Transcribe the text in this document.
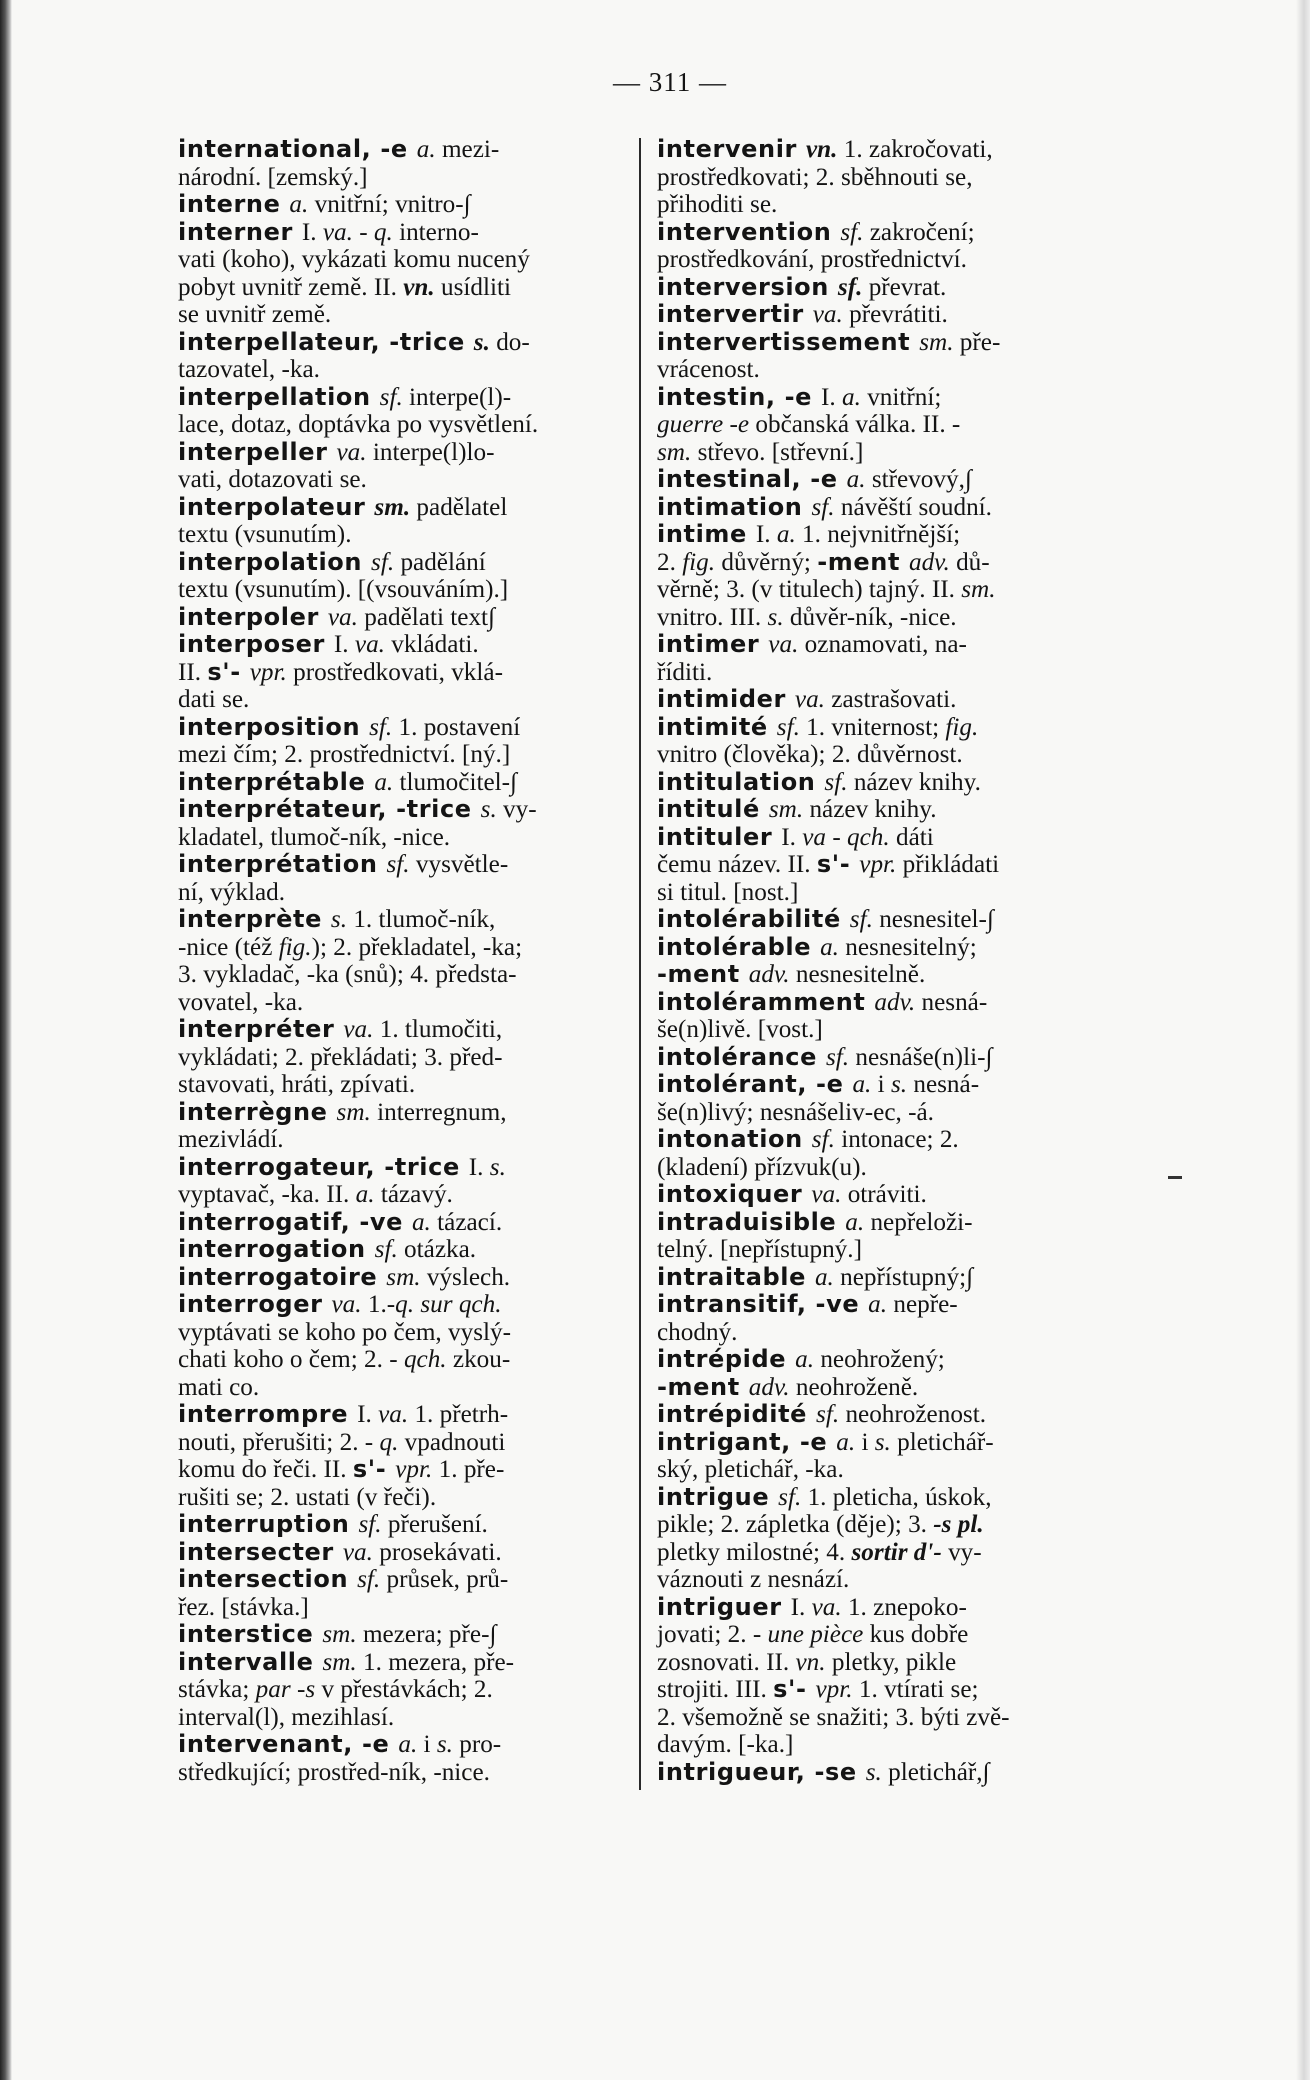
— 311 —
international, -e a. mezi-
národní. [zemský.]
interne a. vnitřní; vnitro-∫
interner I. va. - q. interno-
vati (koho), vykázati komu nucený
pobyt uvnitř země. II. vn. usídliti
se uvnitř země.
interpellateur, -trice s. do-
tazovatel, -ka.
interpellation sf. interpe(l)-
lace, dotaz, doptávka po vysvětlení.
interpeller va. interpe(l)lo-
vati, dotazovati se.
interpolateur sm. padělatel
textu (vsunutím).
interpolation sf. padělání
textu (vsunutím). [(vsouváním).]
interpoler va. padělati text∫
interposer I. va. vkládati.
II. s'- vpr. prostředkovati, vklá-
dati se.
interposition sf. 1. postavení
mezi čím; 2. prostřednictví. [ný.]
interprétable a. tlumočitel-∫
interprétateur, -trice s. vy-
kladatel, tlumoč-ník, -nice.
interprétation sf. vysvětle-
ní, výklad.
interprète s. 1. tlumoč-ník,
-nice (též fig.); 2. překladatel, -ka;
3. vykladač, -ka (snů); 4. předsta-
vovatel, -ka.
interpréter va. 1. tlumočiti,
vykládati; 2. překládati; 3. před-
stavovati, hráti, zpívati.
interrègne sm. interregnum,
mezivládí.
interrogateur, -trice I. s.
vyptavač, -ka. II. a. tázavý.
interrogatif, -ve a. tázací.
interrogation sf. otázka.
interrogatoire sm. výslech.
interroger va. 1.-q. sur qch.
vyptávati se koho po čem, vyslý-
chati koho o čem; 2. - qch. zkou-
mati co.
interrompre I. va. 1. přetrh-
nouti, přerušiti; 2. - q. vpadnouti
komu do řeči. II. s'- vpr. 1. pře-
rušiti se; 2. ustati (v řeči).
interruption sf. přerušení.
intersecter va. prosekávati.
intersection sf. průsek, prů-
řez. [stávka.]
interstice sm. mezera; pře-∫
intervalle sm. 1. mezera, pře-
stávka; par -s v přestávkách; 2.
interval(l), mezihlasí.
intervenant, -e a. i s. pro-
středkující; prostřed-ník, -nice.
intervenir vn. 1. zakročovati,
prostředkovati; 2. sběhnouti se,
přihoditi se.
intervention sf. zakročení;
prostředkování, prostřednictví.
interversion sf. převrat.
intervertir va. převrátiti.
intervertissement sm. pře-
vrácenost.
intestin, -e I. a. vnitřní;
guerre -e občanská válka. II. -
sm. střevo. [střevní.]
intestinal, -e a. střevový,∫
intimation sf. návěští soudní.
intime I. a. 1. nejvnitřnější;
2. fig. důvěrný; -ment adv. dů-
věrně; 3. (v titulech) tajný. II. sm.
vnitro. III. s. důvěr-ník, -nice.
intimer va. oznamovati, na-
říditi.
intimider va. zastrašovati.
intimité sf. 1. vniternost; fig.
vnitro (člověka); 2. důvěrnost.
intitulation sf. název knihy.
intitulé sm. název knihy.
intituler I. va - qch. dáti
čemu název. II. s'- vpr. přikládati
si titul. [nost.]
intolérabilité sf. nesnesitel-∫
intolérable a. nesnesitelný;
-ment adv. nesnesitelně.
intoléramment adv. nesná-
še(n)livě. [vost.]
intolérance sf. nesnáše(n)li-∫
intolérant, -e a. i s. nesná-
še(n)livý; nesnášeliv-ec, -á.
intonation sf. intonace; 2.
(kladení) přízvuk(u).
intoxiquer va. otráviti.
intraduisible a. nepřeloži-
telný. [nepřístupný.]
intraitable a. nepřístupný;∫
intransitif, -ve a. nepře-
chodný.
intrépide a. neohrožený;
-ment adv. neohroženě.
intrépidité sf. neohroženost.
intrigant, -e a. i s. pletichář-
ský, pletichář, -ka.
intrigue sf. 1. pleticha, úskok,
pikle; 2. zápletka (děje); 3. -s pl.
pletky milostné; 4. sortir d'- vy-
váznouti z nesnází.
intriguer I. va. 1. znepoko-
jovati; 2. - une pièce kus dobře
zosnovati. II. vn. pletky, pikle
strojiti. III. s'- vpr. 1. vtírati se;
2. všemožně se snažiti; 3. býti zvě-
davým. [-ka.]
intrigueur, -se s. pletichář,∫
